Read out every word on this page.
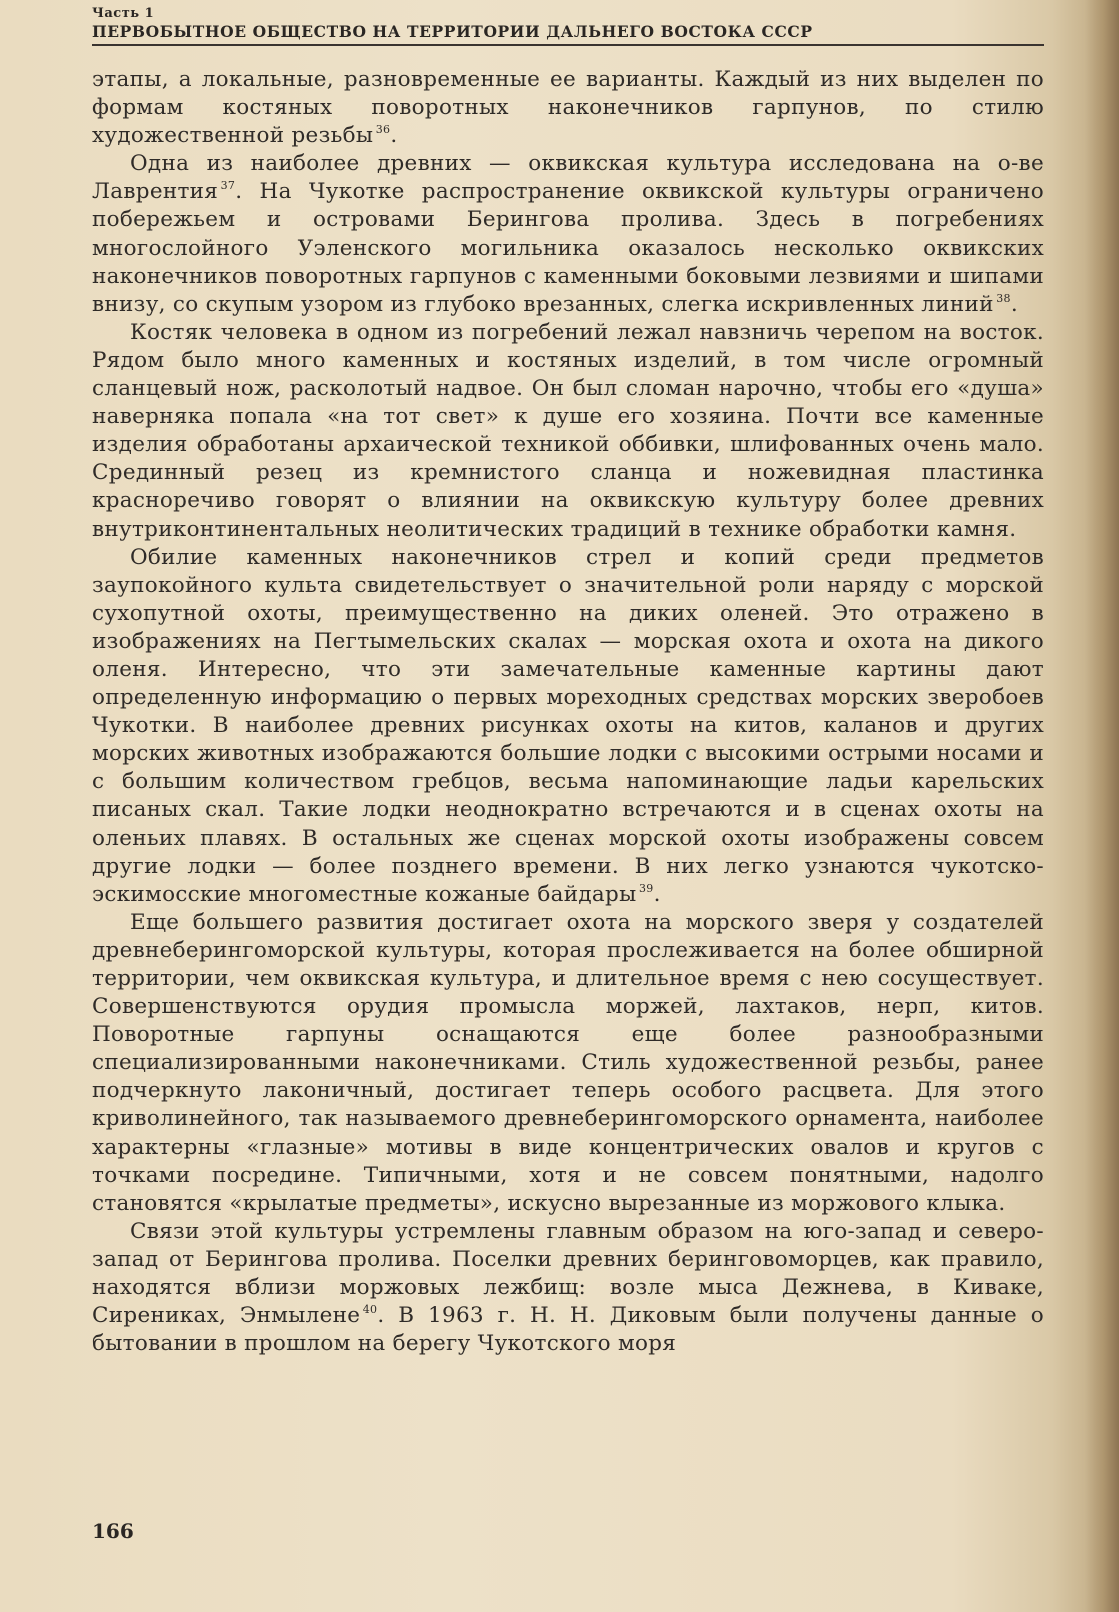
Часть 1
ПЕРВОБЫТНОЕ ОБЩЕСТВО НА ТЕРРИТОРИИ ДАЛЬНЕГО ВОСТОКА СССР

этапы, а локальные, разновременные ее варианты. Каждый из них выделен по формам костяных поворотных наконечников гарпунов, по стилю художественной резьбы  $^{36}$.

Одна из наиболее древних — оквикская культура исследована на о-ве Лаврентия  $^{37}$. На Чукотке распространение оквикской культуры ограничено побережьем и островами Берингова пролива. Здесь в погребениях многослойного Уэленского могильника оказалось несколько оквикских наконечников поворотных гарпунов с каменными боковыми лезвиями и шипами внизу, со скупым узором из глубоко врезанных, слегка искривленных линий  $^{38}$.

Костяк человека в одном из погребений лежал навзничь черепом на восток. Рядом было много каменных и костяных изделий, в том числе огромный сланцевый нож, расколотый надвое. Он был сломан нарочно, чтобы его «душа» наверняка попала «на тот свет» к душе его хозяина. Почти все каменные изделия обработаны архаической техникой оббивки, шлифованных очень мало. Срединный резец из кремнистого сланца и ножевидная пластинка красноречиво говорят о влиянии на оквикскую культуру более древних внутриконтинентальных неолитических традиций в технике обработки камня.

Обилие каменных наконечников стрел и копий среди предметов заупокойного культа свидетельствует о значительной роли наряду с морской сухопутной охоты, преимущественно на диких оленей. Это отражено в изображениях на Пегтымельских скалах — морская охота и охота на дикого оленя. Интересно, что эти замечательные каменные картины дают определенную информацию о первых мореходных средствах морских зверобоев Чукотки. В наиболее древних рисунках охоты на китов, каланов и других морских животных изображаются большие лодки с высокими острыми носами и с большим количеством гребцов, весьма напоминающие ладьи карельских писаных скал. Такие лодки неоднократно встречаются и в сценах охоты на оленьих плавях. В остальных же сценах морской охоты изображены совсем другие лодки — более позднего времени. В них легко узнаются чукотско-эскимосские многоместные кожаные байдары  $^{39}$.

Еще большего развития достигает охота на морского зверя у создателей древнеберингоморской культуры, которая прослеживается на более обширной территории, чем оквикская культура, и длительное время с нею сосуществует. Совершенствуются орудия промысла моржей, лахтаков, нерп, китов. Поворотные гарпуны оснащаются еще более разнообразными специализированными наконечниками. Стиль художественной резьбы, ранее подчеркнуто лаконичный, достигает теперь особого расцвета. Для этого криволинейного, так называемого древнеберингоморского орнамента, наиболее характерны «глазные» мотивы в виде концентрических овалов и кругов с точками посредине. Типичными, хотя и не совсем понятными, надолго становятся «крылатые предметы», искусно вырезанные из моржового клыка.

Связи этой культуры устремлены главным образом на юго-запад и северо-запад от Берингова пролива. Поселки древних беринговоморцев, как правило, находятся вблизи моржовых лежбищ: возле мыса Дежнева, в Киваке, Сирениках, Энмылене  $^{40}$. В 1963 г. Н. Н. Диковым были получены данные о бытовании в прошлом на берегу Чукотского моря

166
